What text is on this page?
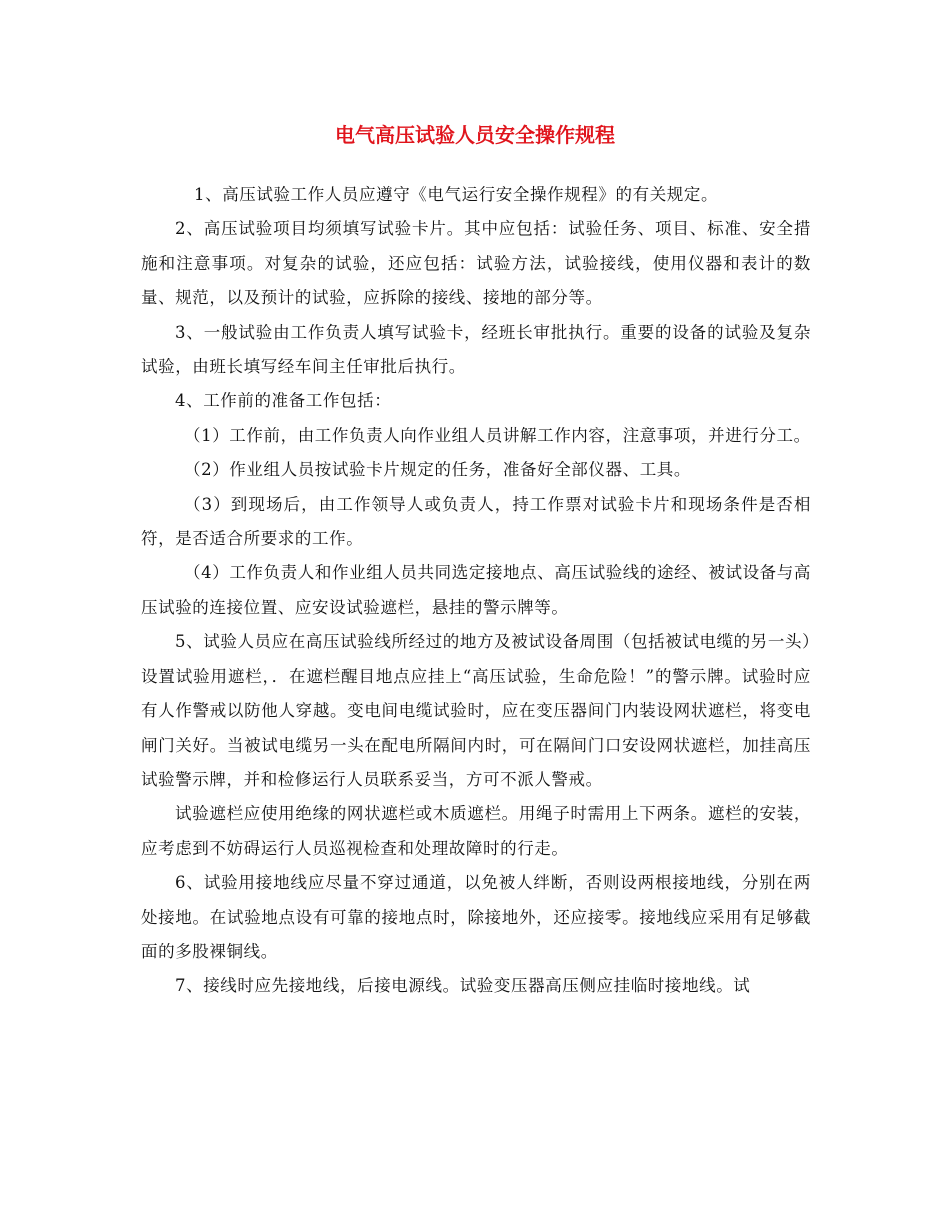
电气高压试验人员安全操作规程

1、高压试验工作人员应遵守《电气运行安全操作规程》的有关规定。

2、高压试验项目均须填写试验卡片。其中应包括：试验任务、项目、标准、安全措施和注意事项。对复杂的试验，还应包括：试验方法，试验接线，使用仪器和表计的数量、规范，以及预计的试验，应拆除的接线、接地的部分等。

3、一般试验由工作负责人填写试验卡，经班长审批执行。重要的设备的试验及复杂试验，由班长填写经车间主任审批后执行。

4、工作前的准备工作包括：

（1）工作前，由工作负责人向作业组人员讲解工作内容，注意事项，并进行分工。

（2）作业组人员按试验卡片规定的任务，准备好全部仪器、工具。

（3）到现场后，由工作领导人或负责人，持工作票对试验卡片和现场条件是否相符，是否适合所要求的工作。

（4）工作负责人和作业组人员共同选定接地点、高压试验线的途经、被试设备与高压试验的连接位置、应安设试验遮栏，悬挂的警示牌等。

5、试验人员应在高压试验线所经过的地方及被试设备周围（包括被试电缆的另一头）设置试验用遮栏，．在遮栏醒目地点应挂上“高压试验，生命危险！”的警示牌。试验时应有人作警戒以防他人穿越。变电间电缆试验时，应在变压器间门内装设网状遮栏，将变电闸门关好。当被试电缆另一头在配电所隔间内时，可在隔间门口安设网状遮栏，加挂高压试验警示牌，并和检修运行人员联系妥当，方可不派人警戒。

试验遮栏应使用绝缘的网状遮栏或木质遮栏。用绳子时需用上下两条。遮栏的安装，应考虑到不妨碍运行人员巡视检查和处理故障时的行走。

6、试验用接地线应尽量不穿过通道，以免被人绊断，否则设两根接地线，分别在两处接地。在试验地点设有可靠的接地点时，除接地外，还应接零。接地线应采用有足够截面的多股裸铜线。

7、接线时应先接地线，后接电源线。试验变压器高压侧应挂临时接地线。试
